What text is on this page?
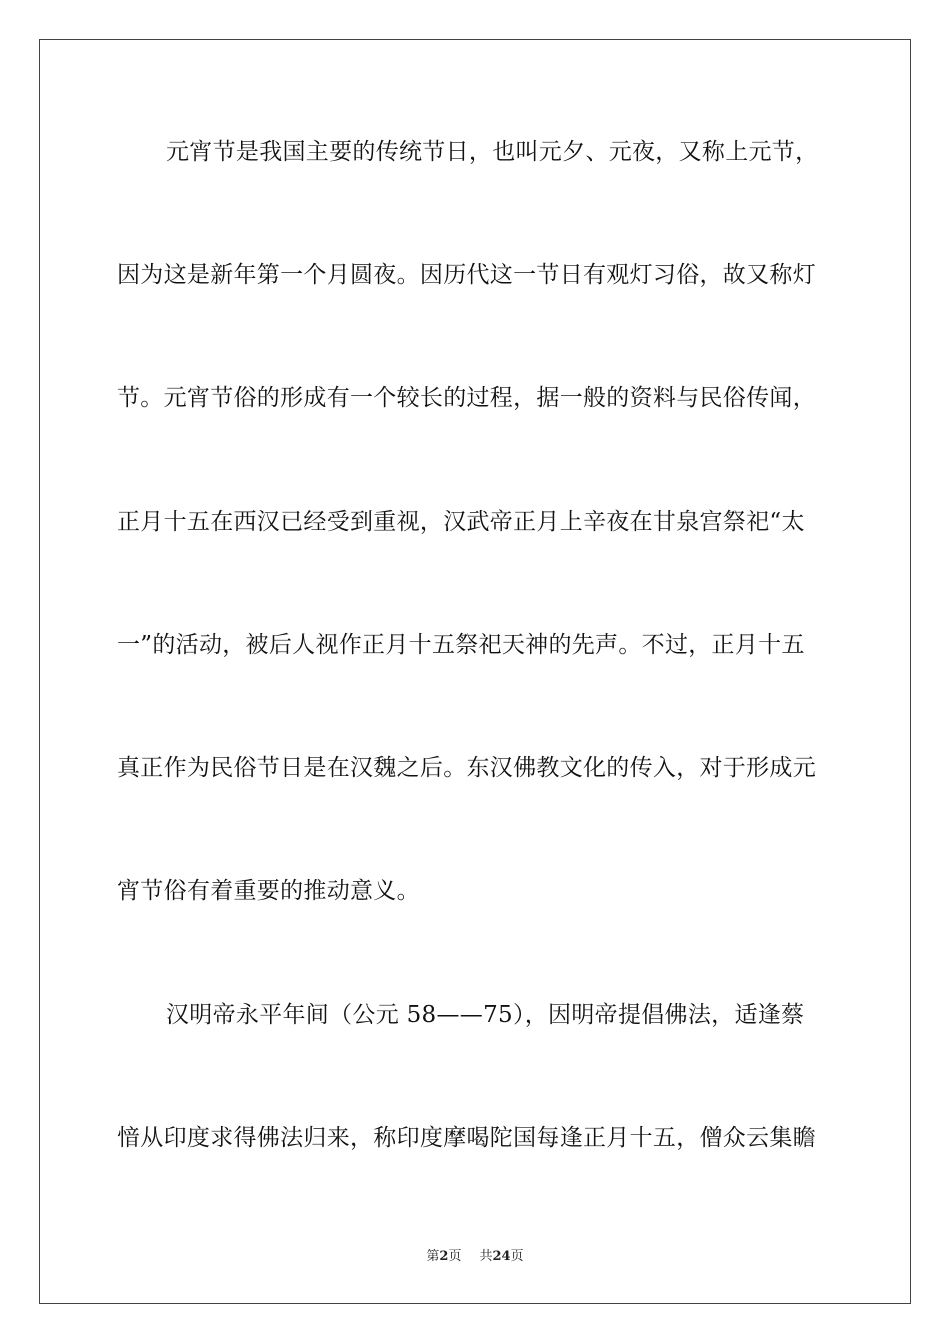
元宵节是我国主要的传统节日，也叫元夕、元夜，又称上元节，
因为这是新年第一个月圆夜。因历代这一节日有观灯习俗，故又称灯
节。元宵节俗的形成有一个较长的过程，据一般的资料与民俗传闻，
正月十五在西汉已经受到重视，汉武帝正月上辛夜在甘泉宫祭祀“太
一”的活动，被后人视作正月十五祭祀天神的先声。不过，正月十五
真正作为民俗节日是在汉魏之后。东汉佛教文化的传入，对于形成元
宵节俗有着重要的推动意义。
汉明帝永平年间（公元 58——75），因明帝提倡佛法，适逢蔡
愔从印度求得佛法归来，称印度摩喝陀国每逢正月十五，僧众云集瞻
第2页 共24页
